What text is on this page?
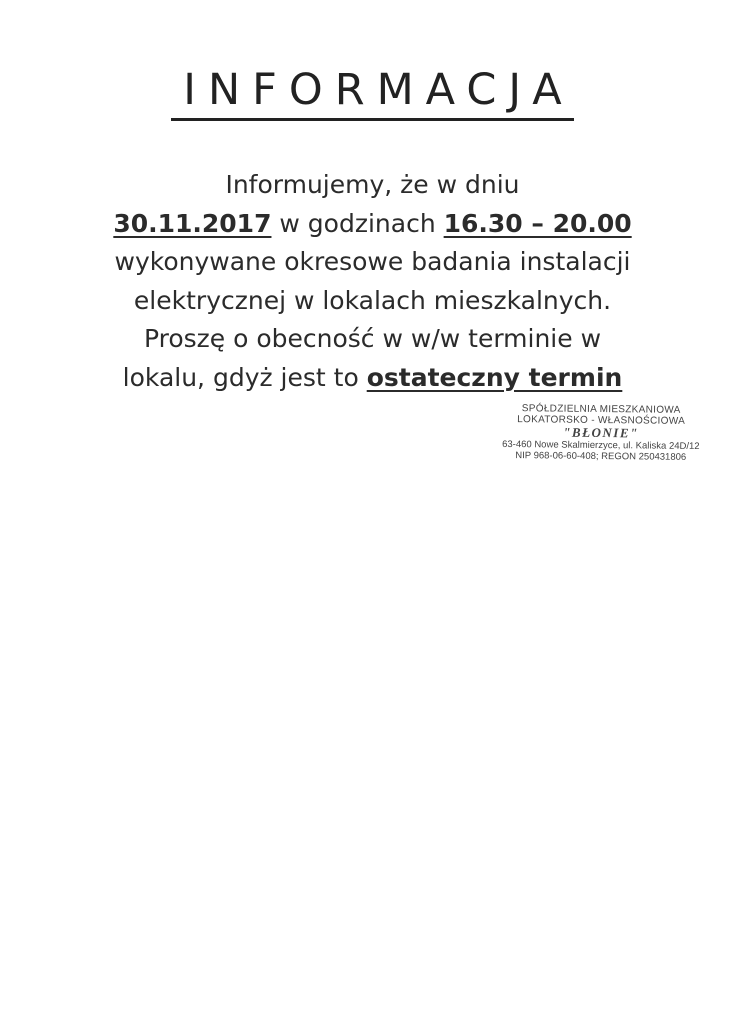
INFORMACJA
Informujemy, że w dniu
30.11.2017 w godzinach 16.30 – 20.00
wykonywane okresowe badania instalacji
elektrycznej w lokalach mieszkalnych.
Proszę o obecność w w/w terminie w
lokalu, gdyż jest to ostateczny termin
SPÓŁDZIELNIA MIESZKANIOWA
LOKATORSKO - WŁASNOŚCIOWA
"BŁONIE"
63-460 Nowe Skalmierzyce, ul. Kaliska 24D/12
NIP 968-06-60-408; REGON 250431806
